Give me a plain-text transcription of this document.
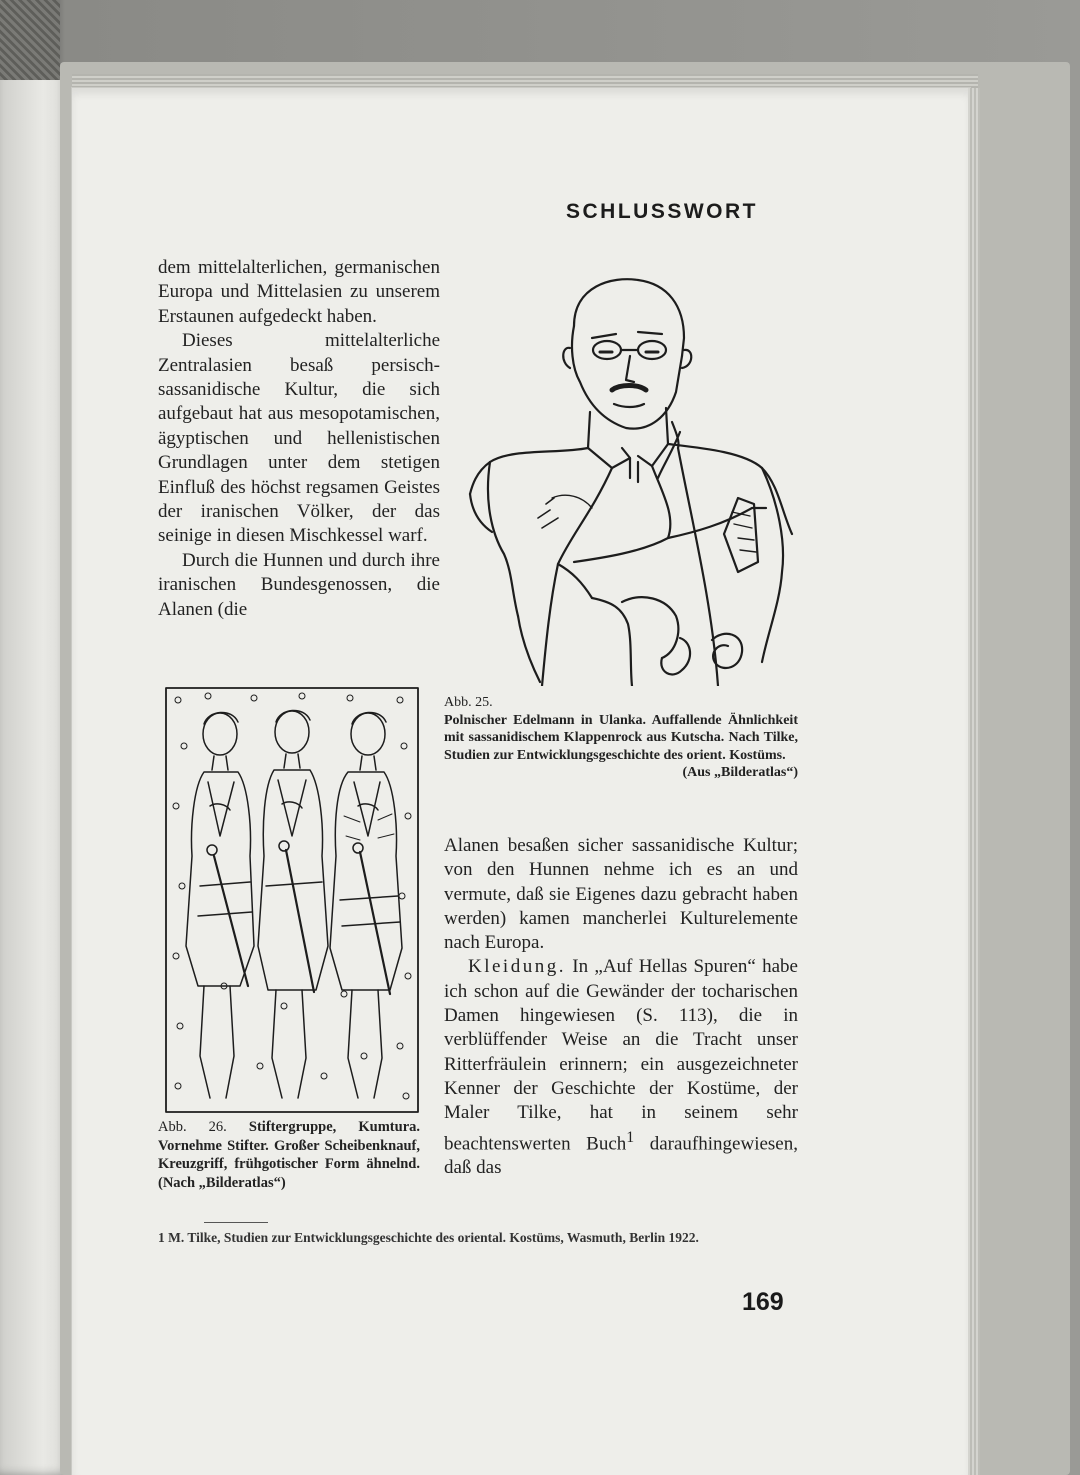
SCHLUSSWORT

dem mittelalterlichen, germanischen Europa und Mittelasien zu unserem Erstaunen aufgedeckt haben.

Dieses mittelalterliche Zentralasien besaß persisch-sassanidische Kultur, die sich aufgebaut hat aus mesopotamischen, ägyptischen und hellenistischen Grundlagen unter dem stetigen Einfluß des höchst regsamen Geistes der iranischen Völker, der das seinige in diesen Mischkessel warf.

Durch die Hunnen und durch ihre iranischen Bundesgenossen, die Alanen (die

Abb. 25.
Polnischer Edelmann in Ulanka. Auffallende Ähnlichkeit mit sassanidischem Klappenrock aus Kutscha. Nach Tilke, Studien zur Entwicklungsgeschichte des orient. Kostüms.
(Aus „Bilderatlas“)

Alanen besaßen sicher sassanidische Kultur; von den Hunnen nehme ich es an und vermute, daß sie Eigenes dazu gebracht haben werden) kamen mancherlei Kulturelemente nach Europa.

Kleidung. In „Auf Hellas Spuren“ habe ich schon auf die Gewänder der tocharischen Damen hingewiesen (S. 113), die in verblüffender Weise an die Tracht unser Ritterfräulein erinnern; ein ausgezeichneter Kenner der Geschichte der Kostüme, der Maler Tilke, hat in seinem sehr beachtenswerten Buch$^1$ daraufhingewiesen, daß das

Abb. 26. Stiftergruppe, Kumtura. Vornehme Stifter. Großer Scheibenknauf, Kreuzgriff, frühgotischer Form ähnelnd. (Nach „Bilderatlas“)
1 M. Tilke, Studien zur Entwicklungsgeschichte des oriental. Kostüms, Wasmuth, Berlin 1922.
169
